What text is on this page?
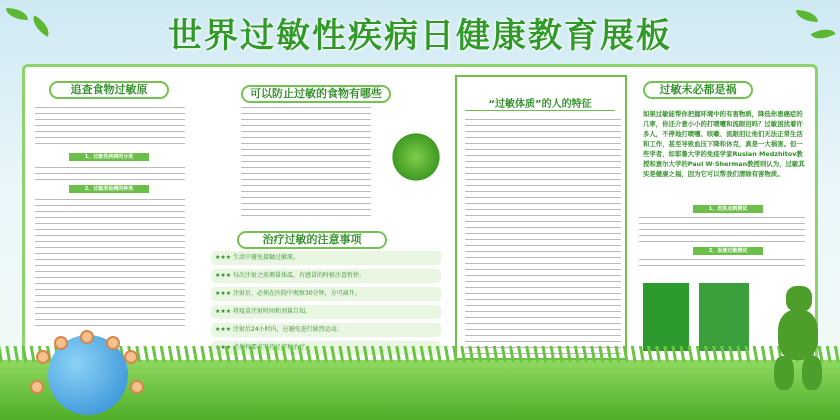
世界过敏性疾病日健康教育展板
追查食物过敏原
1、过敏性疾病的分类
2、过敏原检测的种类
可以防止过敏的食物有哪些
治疗过敏的注意事项
★★★ 生活中避免接触过敏原。
★★★ 每次注射之前测量体温，有感冒的时候注意暂停。
★★★ 注射后，必须在医院中观察30分钟，方可离开。
★★★ 将疫苗注射时间和剂量告知。
★★★ 注射后24小时内，应避免进行剧烈运动。
“过敏体质”的人的特征
过敏未必都是祸
如果过敏能帮你把握环境中的有害物质，降低你患癌症的几率，你还介意小小的打喷嚏和流眼泪吗？过敏困扰着许多人，不停地打喷嚏、咳嗽、流眼泪让他们无法正常生活和工作，甚至导致血压下降和休克，真是一大祸害。但一些学者，如耶鲁大学的免疫学家Ruslan Medzhitov教授和意尔大学的Paul W·Sherman教授则认为，过敏其实是健康之福，因为它可以帮我们清除有害物质。
1、皮肤点刺测试
2、血液过敏测试
